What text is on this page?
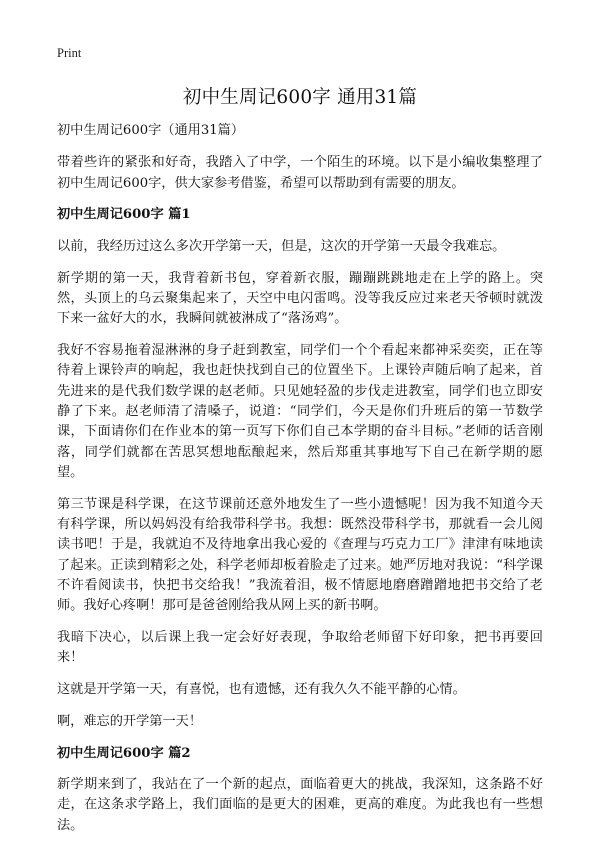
Print
初中生周记600字 通用31篇

初中生周记600字（通用31篇）

带着些许的紧张和好奇，我踏入了中学，一个陌生的环境。以下是小编收集整理了初中生周记600字，供大家参考借鉴，希望可以帮助到有需要的朋友。

初中生周记600字 篇1

以前，我经历过这么多次开学第一天，但是，这次的开学第一天最令我难忘。

新学期的第一天，我背着新书包，穿着新衣服，蹦蹦跳跳地走在上学的路上。突然，头顶上的乌云聚集起来了，天空中电闪雷鸣。没等我反应过来老天爷顿时就泼下来一盆好大的水，我瞬间就被淋成了“落汤鸡”。

我好不容易拖着湿淋淋的身子赶到教室，同学们一个个看起来都神采奕奕，正在等待着上课铃声的响起，我也赶快找到自己的位置坐下。上课铃声随后响了起来，首先进来的是代我们数学课的赵老师。只见她轻盈的步伐走进教室，同学们也立即安静了下来。赵老师清了清嗓子，说道：“同学们，今天是你们升班后的第一节数学课，下面请你们在作业本的第一页写下你们自己本学期的奋斗目标。”老师的话音刚落，同学们就都在苦思冥想地酝酿起来，然后郑重其事地写下自己在新学期的愿望。

第三节课是科学课，在这节课前还意外地发生了一些小遗憾呢！因为我不知道今天有科学课，所以妈妈没有给我带科学书。我想：既然没带科学书，那就看一会儿阅读书吧！于是，我就迫不及待地拿出我心爱的《查理与巧克力工厂》津津有味地读了起来。正读到精彩之处，科学老师却板着脸走了过来。她严厉地对我说：“科学课不许看阅读书，快把书交给我！”我流着泪，极不情愿地磨磨蹭蹭地把书交给了老师。我好心疼啊！那可是爸爸刚给我从网上买的新书啊。

我暗下决心，以后课上我一定会好好表现，争取给老师留下好印象，把书再要回来！

这就是开学第一天，有喜悦，也有遗憾，还有我久久不能平静的心情。

啊，难忘的开学第一天！

初中生周记600字 篇2

新学期来到了，我站在了一个新的起点，面临着更大的挑战，我深知，这条路不好走，在这条求学路上，我们面临的是更大的困难，更高的难度。为此我也有一些想法。
